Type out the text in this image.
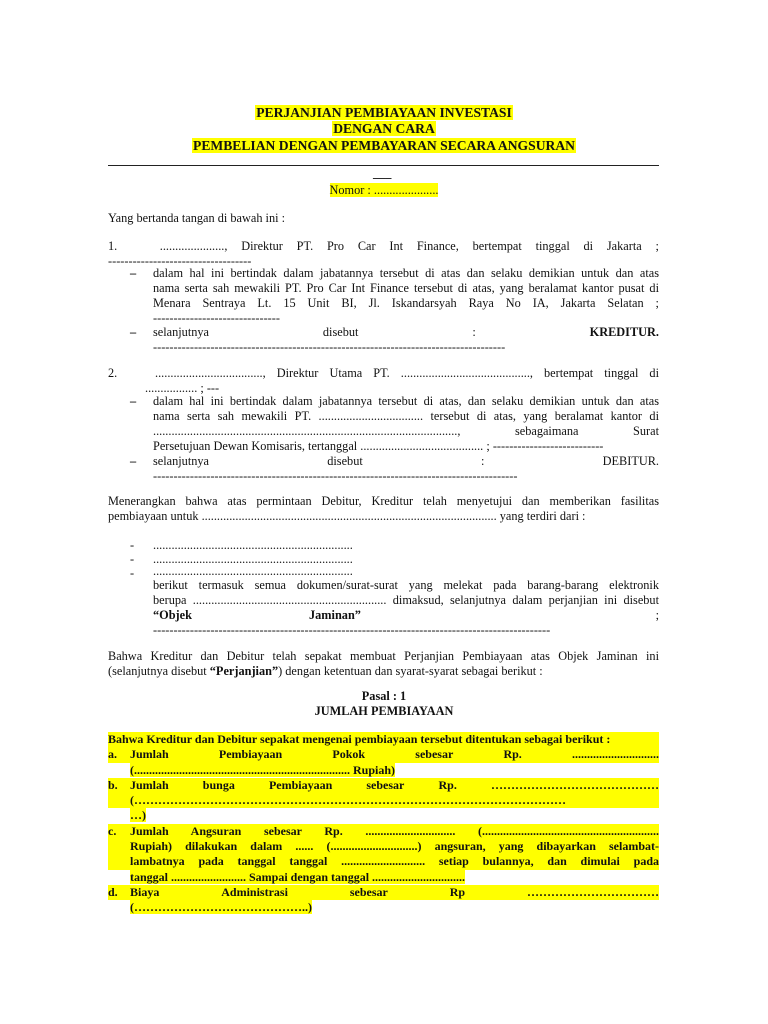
PERJANJIAN PEMBIAYAAN INVESTASI
DENGAN CARA
PEMBELIAN DENGAN PEMBAYARAN SECARA ANGSURAN
___
Nomor : .....................
Yang bertanda tangan di bawah ini :
1.	....................., Direktur PT. Pro Car Int Finance, bertempat tinggal di Jakarta ;
-----------------------------------
–	dalam hal ini bertindak dalam jabatannya tersebut di atas dan selaku demikian untuk dan atas
nama serta sah mewakili PT. Pro Car Int Finance tersebut di atas, yang beralamat kantor pusat di
Menara Sentraya Lt. 15 Unit BI, Jl. Iskandarsyah Raya No IA, Jakarta Selatan ;
-------------------------------
–	selanjutnya	disebut	:	KREDITUR.
--------------------------------------------------------------------------------------
2.	..................................., Direktur Utama PT. .........................................., bertempat tinggal di
................. ; ---
–	dalam hal ini bertindak dalam jabatannya tersebut di atas, dan selaku demikian untuk dan atas
nama serta sah mewakili PT. .................................. tersebut di atas, yang beralamat kantor di
...................................................................................................,	sebagaimana	Surat
Persetujuan Dewan Komisaris, tertanggal ........................................ ; ---------------------------
–	selanjutnya	disebut	:	DEBITUR.
-----------------------------------------------------------------------------------------
Menerangkan bahwa atas permintaan Debitur, Kreditur telah menyetujui dan memberikan fasilitas
pembiayaan untuk ................................................................................................ yang terdiri dari :
- .................................................................
- .................................................................
- .................................................................
berikut termasuk semua dokumen/surat-surat yang melekat pada barang-barang elektronik
berupa ............................................................... dimaksud, selanjutnya dalam perjanjian ini disebut
“Objek	Jaminan”	;
-------------------------------------------------------------------------------------------------
Bahwa Kreditur dan Debitur telah sepakat membuat Perjanjian Pembiayaan atas Objek Jaminan ini
(selanjutnya disebut “Perjanjian”) dengan ketentuan dan syarat-syarat sebagai berikut :
Pasal : 1
JUMLAH PEMBIAYAAN
Bahwa Kreditur dan Debitur sepakat mengenai pembiayaan tersebut ditentukan sebagai berikut :
a.	Jumlah	Pembiayaan	Pokok	sebesar	Rp.	.............................
(........................................................................ Rupiah)
b.	Jumlah	bunga	Pembiayaan	sebesar	Rp.	……………………………………
(………………………………………………………………………………………………
…)
c.	Jumlah Angsuran sebesar Rp. .............................. (...........................................................
Rupiah) dilakukan dalam ...... (.............................) angsuran, yang dibayarkan selambat-
lambatnya pada tanggal tanggal ............................ setiap bulannya, dan dimulai pada
tanggal ......................... Sampai dengan tanggal ...............................
d.	Biaya	Administrasi	sebesar	Rp	……………………………
(……………………………………..)
